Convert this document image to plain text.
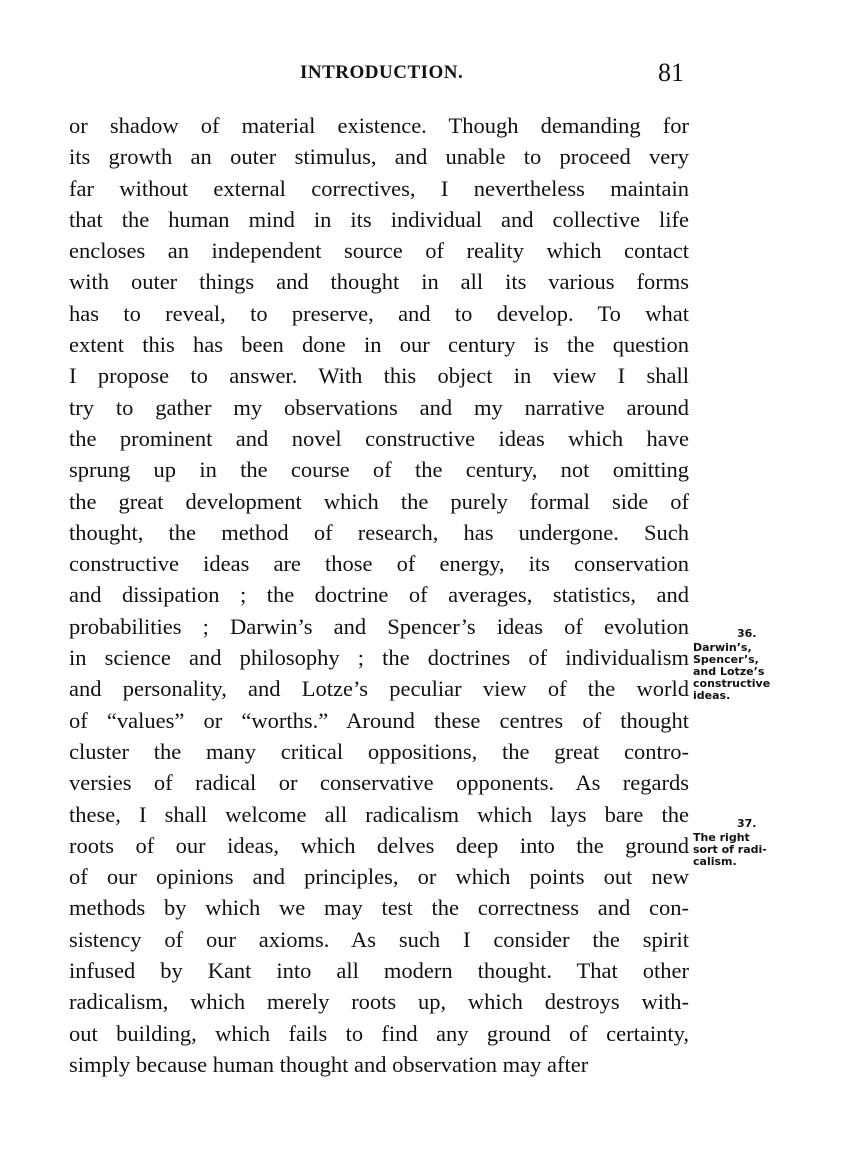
INTRODUCTION.	81
or shadow of material existence. Though demanding for
its growth an outer stimulus, and unable to proceed very
far without external correctives, I nevertheless maintain
that the human mind in its individual and collective life
encloses an independent source of reality which contact
with outer things and thought in all its various forms
has to reveal, to preserve, and to develop. To what
extent this has been done in our century is the question
I propose to answer. With this object in view I shall
try to gather my observations and my narrative around
the prominent and novel constructive ideas which have
sprung up in the course of the century, not omitting
the great development which the purely formal side of
thought, the method of research, has undergone. Such
constructive ideas are those of energy, its conservation
and dissipation ; the doctrine of averages, statistics, and
probabilities ; Darwin’s and Spencer’s ideas of evolution
in science and philosophy ; the doctrines of individualism
and personality, and Lotze’s peculiar view of the world
of “values” or “worths.” Around these centres of thought
cluster the many critical oppositions, the great contro-
versies of radical or conservative opponents. As regards
these, I shall welcome all radicalism which lays bare the
roots of our ideas, which delves deep into the ground
of our opinions and principles, or which points out new
methods by which we may test the correctness and con-
sistency of our axioms. As such I consider the spirit
infused by Kant into all modern thought. That other
radicalism, which merely roots up, which destroys with-
out building, which fails to find any ground of certainty,
simply because human thought and observation may after
36.
Darwin’s,
Spencer’s,
and Lotze’s
constructive
ideas.
37.
The right
sort of radi-
calism.
